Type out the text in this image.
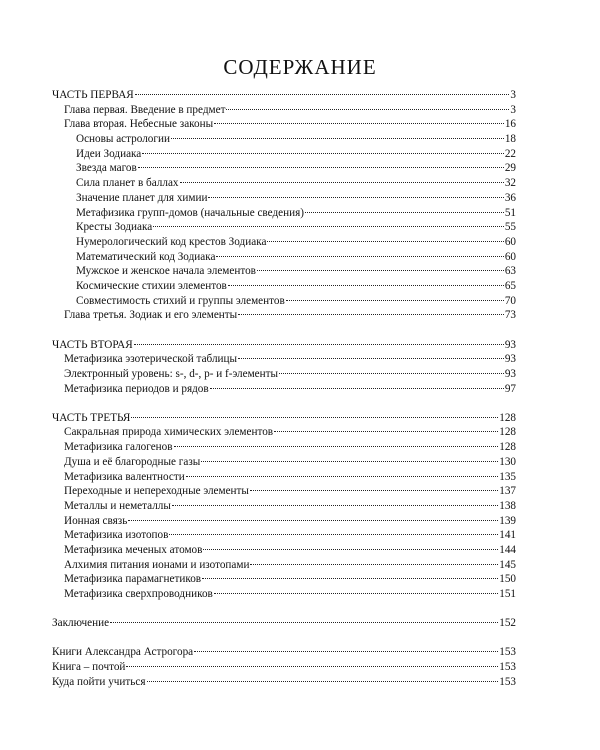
СОДЕРЖАНИЕ
ЧАСТЬ ПЕРВАЯ	3
Глава первая. Введение в предмет	3
Глава вторая. Небесные законы	16
Основы астрологии	18
Идеи Зодиака	22
Звезда магов	29
Сила планет в баллах	32
Значение планет для химии	36
Метафизика групп-домов (начальные сведения)	51
Кресты Зодиака	55
Нумерологический код крестов Зодиака	60
Математический код Зодиака	60
Мужское и женское начала элементов	63
Космические стихии элементов	65
Совместимость стихий и группы элементов	70
Глава третья. Зодиак и его элементы	73
ЧАСТЬ ВТОРАЯ	93
Метафизика эзотерической таблицы	93
Электронный уровень: s-, d-, p- и f-элементы	93
Метафизика периодов и рядов	97
ЧАСТЬ ТРЕТЬЯ	128
Сакральная природа химических элементов	128
Метафизика галогенов	128
Душа и её благородные газы	130
Метафизика валентности	135
Переходные и непереходные элементы	137
Металлы и неметаллы	138
Ионная связь	139
Метафизика изотопов	141
Метафизика меченых атомов	144
Алхимия питания ионами и изотопами	145
Метафизика парамагнетиков	150
Метафизика сверхпроводников	151
Заключение	152
Книги Александра Астрогора	153
Книга – почтой	153
Куда пойти учиться	153
